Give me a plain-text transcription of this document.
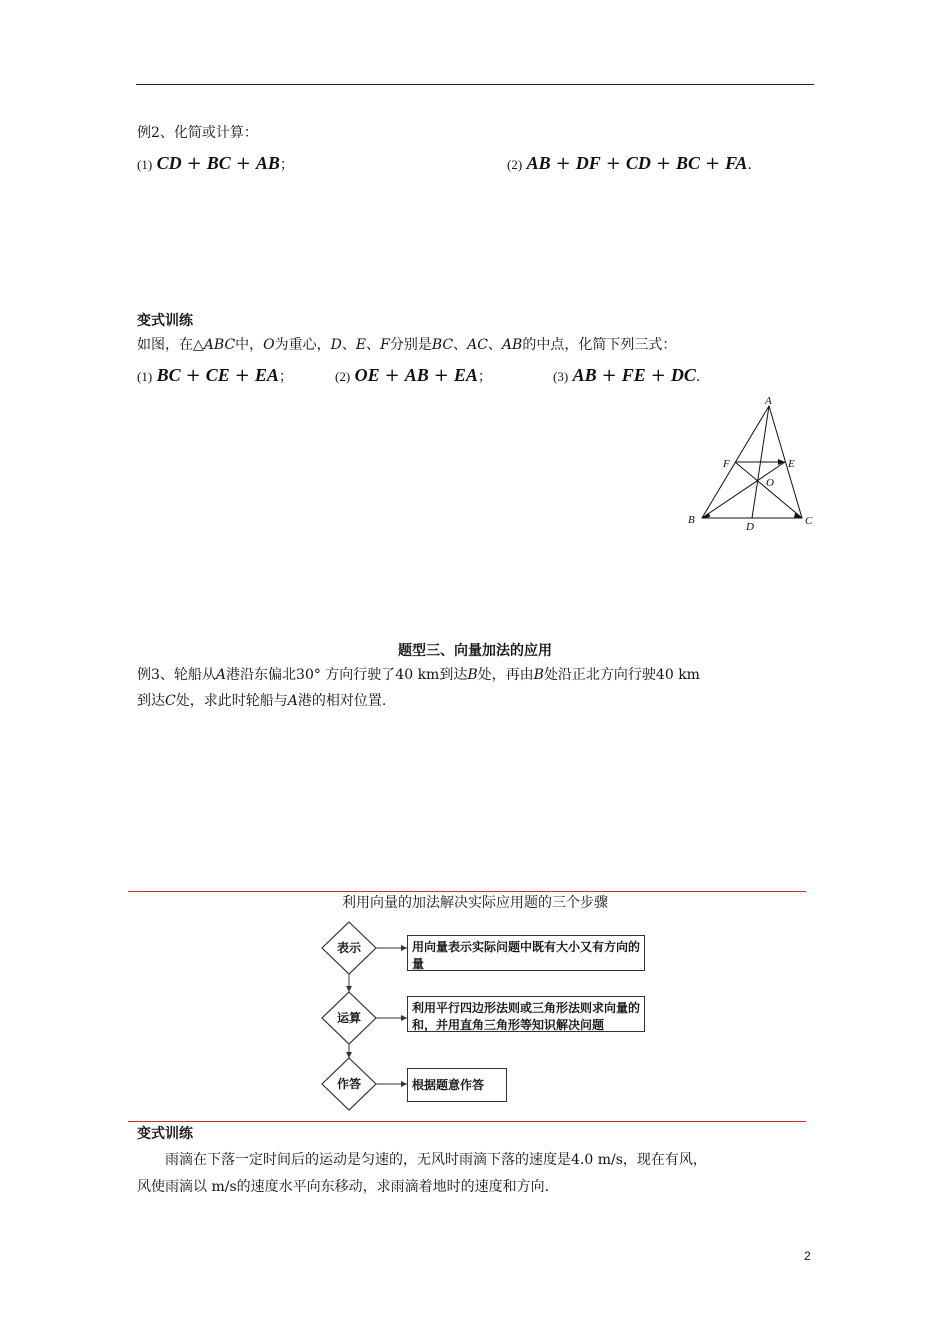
例2、化简或计算：
(1) CD + BC + AB；	(2) AB + DF + CD + BC + FA.
变式训练
如图，在△ABC中，O为重心，D、E、F分别是BC、AC、AB的中点，化简下列三式：
(1) BC + CE + EA；	(2) OE + AB + EA；	(3) AB + FE + DC.
A
B	C
D
E
F
O
题型三、向量加法的应用
例3、轮船从A港沿东偏北30° 方向行驶了40 km到达B处，再由B处沿正北方向行驶40 km
到达C处，求此时轮船与A港的相对位置.
利用向量的加法解决实际应用题的三个步骤
表示
运算
作答
用向量表示实际问题中既有大小又有方向的量
利用平行四边形法则或三角形法则求向量的和，并用直角三角形等知识解决问题
根据题意作答
变式训练
雨滴在下落一定时间后的运动是匀速的，无风时雨滴下落的速度是4.0 m/s，现在有风，
风使雨滴以 m/s的速度水平向东移动，求雨滴着地时的速度和方向.
2
